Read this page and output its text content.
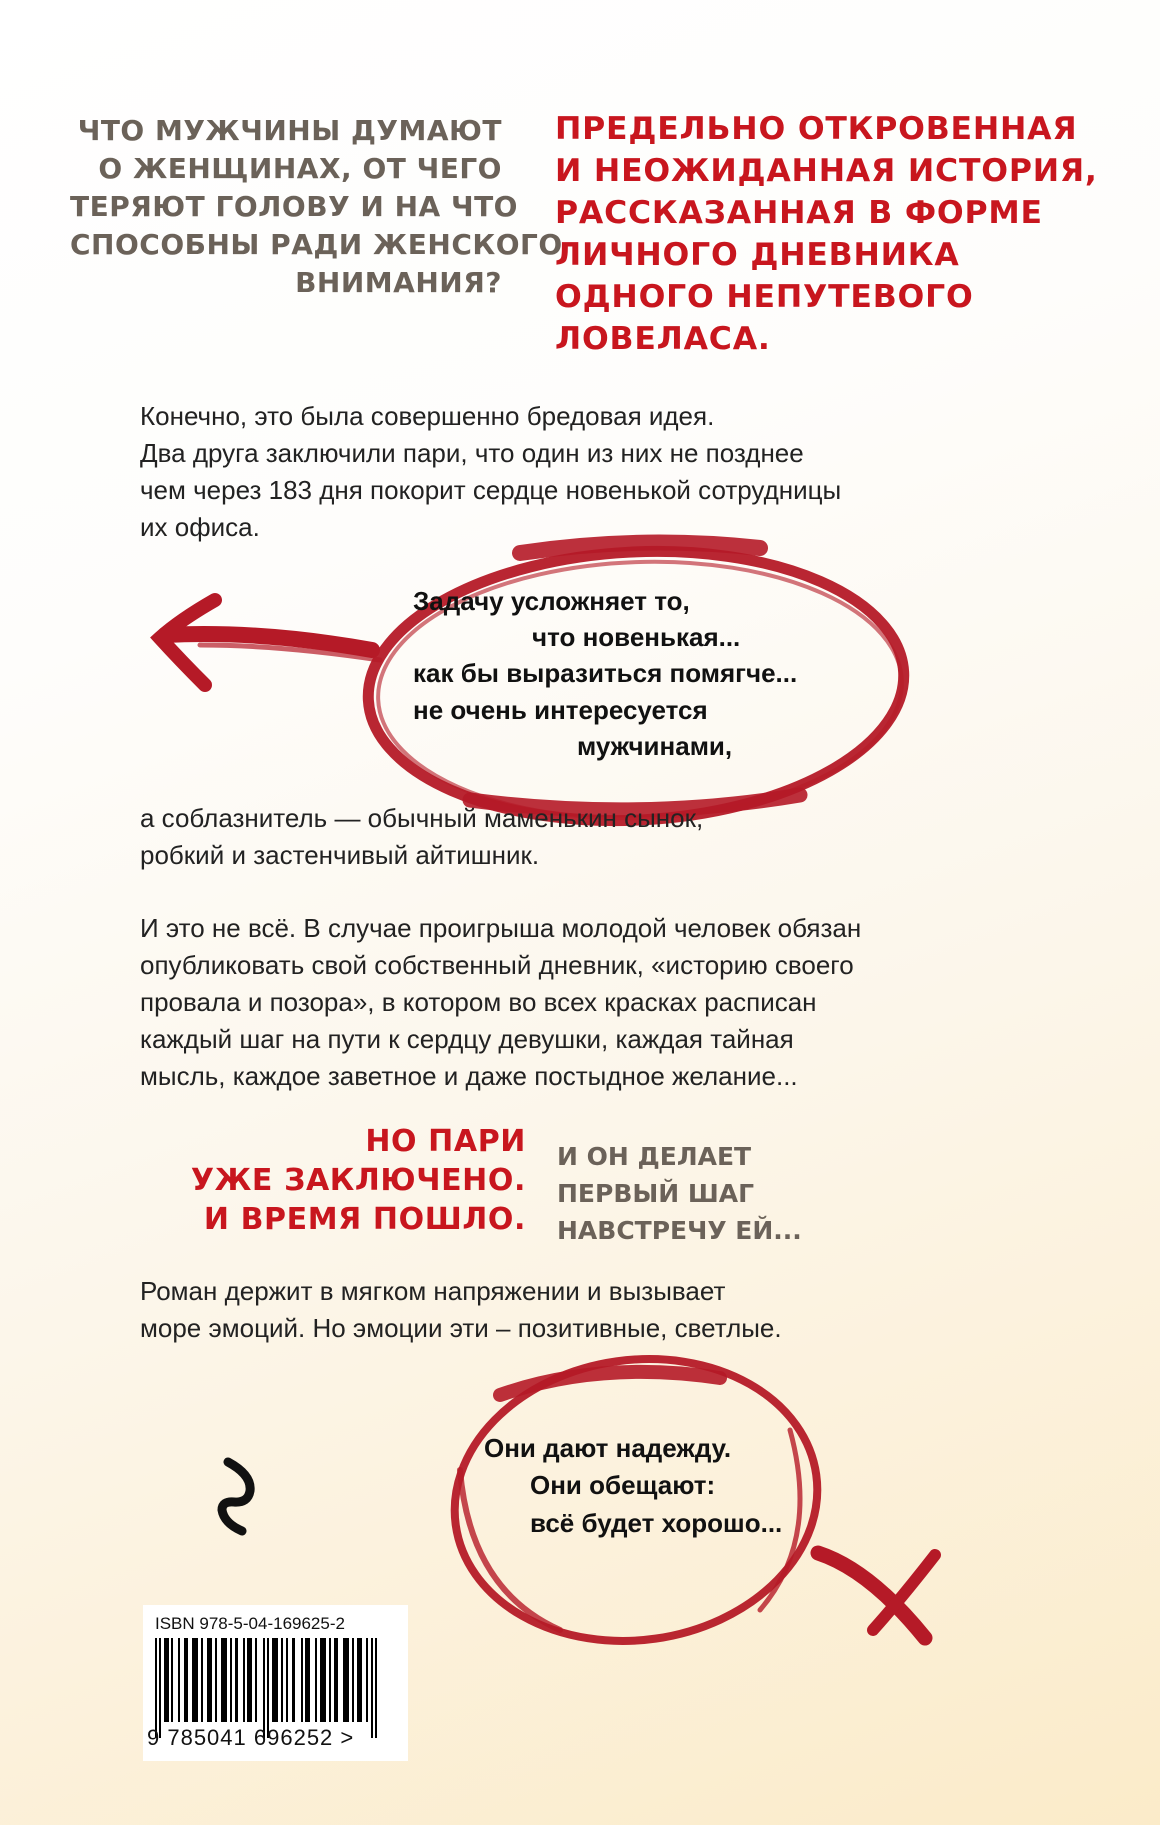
ЧТО МУЖЧИНЫ ДУМАЮТ
О ЖЕНЩИНАХ, ОТ ЧЕГО
ТЕРЯЮТ ГОЛОВУ И НА ЧТО
СПОСОБНЫ РАДИ ЖЕНСКОГО
ВНИМАНИЯ?
ПРЕДЕЛЬНО ОТКРОВЕННАЯ
И НЕОЖИДАННАЯ ИСТОРИЯ,
РАССКАЗАННАЯ В ФОРМЕ
ЛИЧНОГО ДНЕВНИКА
ОДНОГО НЕПУТЕВОГО
ЛОВЕЛАСА.
Конечно, это была совершенно бредовая идея.
Два друга заключили пари, что один из них не позднее
чем через 183 дня покорит сердце новенькой сотрудницы
их офиса.
Задачу усложняет то,
что новенькая...
как бы выразиться помягче...
не очень интересуется
мужчинами,
а соблазнитель — обычный маменькин сынок,
робкий и застенчивый айтишник.
И это не всё. В случае проигрыша молодой человек обязан
опубликовать свой собственный дневник, «историю своего
провала и позора», в котором во всех красках расписан
каждый шаг на пути к сердцу девушки, каждая тайная
мысль, каждое заветное и даже постыдное желание...
НО ПАРИ
УЖЕ ЗАКЛЮЧЕНО.
И ВРЕМЯ ПОШЛО.
И ОН ДЕЛАЕТ
ПЕРВЫЙ ШАГ
НАВСТРЕЧУ ЕЙ...
Роман держит в мягком напряжении и вызывает
море эмоций. Но эмоции эти – позитивные, светлые.
Они дают надежду.
Они обещают:
всё будет хорошо...
ISBN 978-5-04-169625-2
9 785041 696252 >
